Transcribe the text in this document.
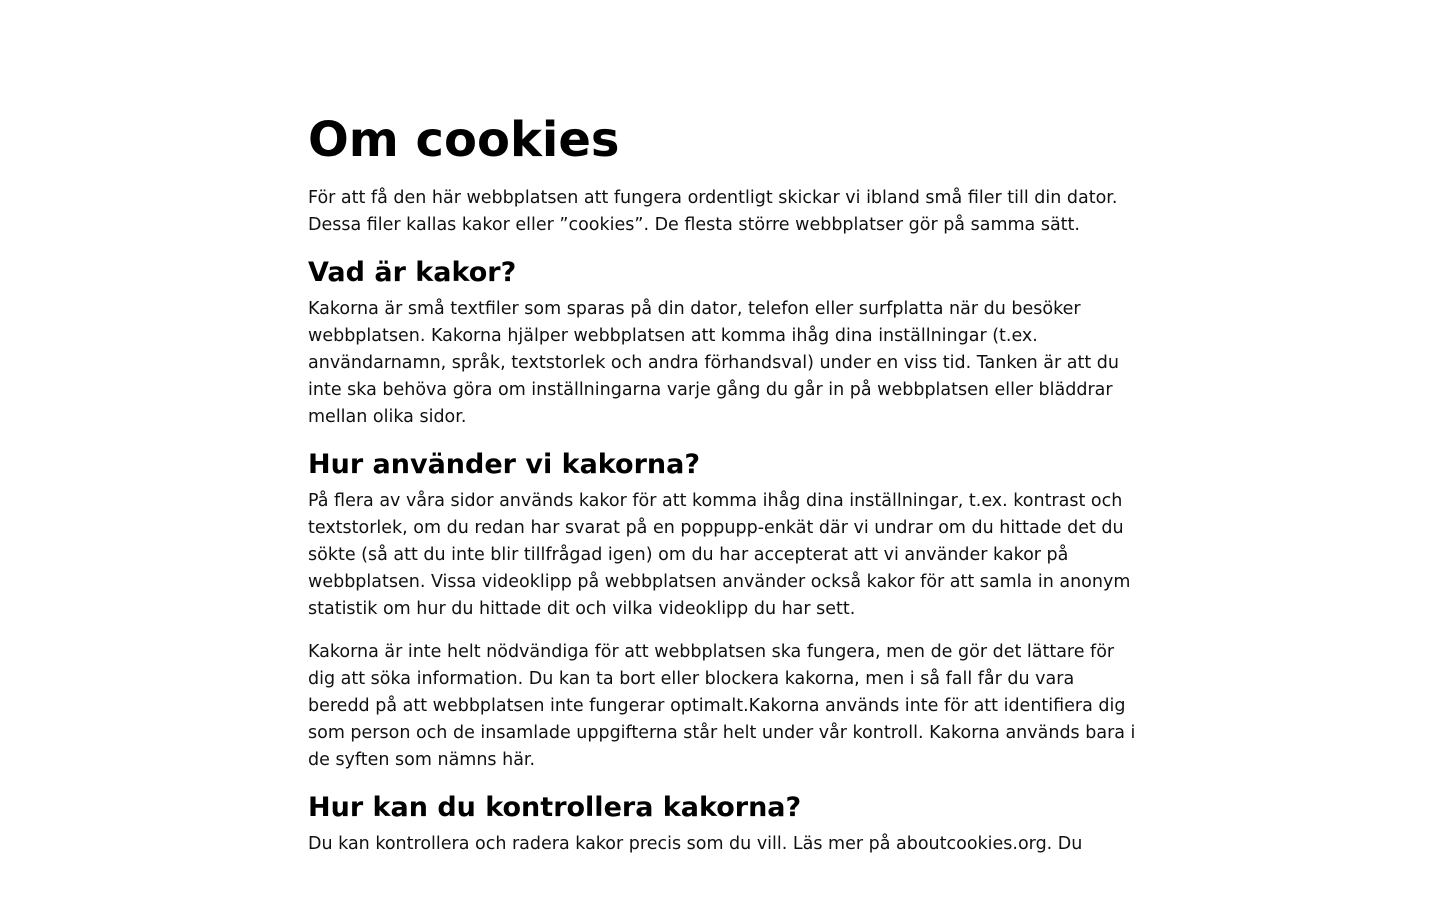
Om cookies

För att få den här webbplatsen att fungera ordentligt skickar vi ibland små filer till din dator. Dessa filer kallas kakor eller ”cookies”. De flesta större webbplatser gör på samma sätt.

Vad är kakor?

Kakorna är små textfiler som sparas på din dator, telefon eller surfplatta när du besöker webbplatsen. Kakorna hjälper webbplatsen att komma ihåg dina inställningar (t.ex. användarnamn, språk, textstorlek och andra förhandsval) under en viss tid. Tanken är att du inte ska behöva göra om inställningarna varje gång du går in på webbplatsen eller bläddrar mellan olika sidor.

Hur använder vi kakorna?

På flera av våra sidor används kakor för att komma ihåg dina inställningar, t.ex. kontrast och textstorlek, om du redan har svarat på en poppupp-enkät där vi undrar om du hittade det du sökte (så att du inte blir tillfrågad igen) om du har accepterat att vi använder kakor på webbplatsen. Vissa videoklipp på webbplatsen använder också kakor för att samla in anonym statistik om hur du hittade dit och vilka videoklipp du har sett.

Kakorna är inte helt nödvändiga för att webbplatsen ska fungera, men de gör det lättare för dig att söka information. Du kan ta bort eller blockera kakorna, men i så fall får du vara beredd på att webbplatsen inte fungerar optimalt.Kakorna används inte för att identifiera dig som person och de insamlade uppgifterna står helt under vår kontroll. Kakorna används bara i de syften som nämns här.

Hur kan du kontrollera kakorna?

Du kan kontrollera och radera kakor precis som du vill. Läs mer på aboutcookies.org. Du
